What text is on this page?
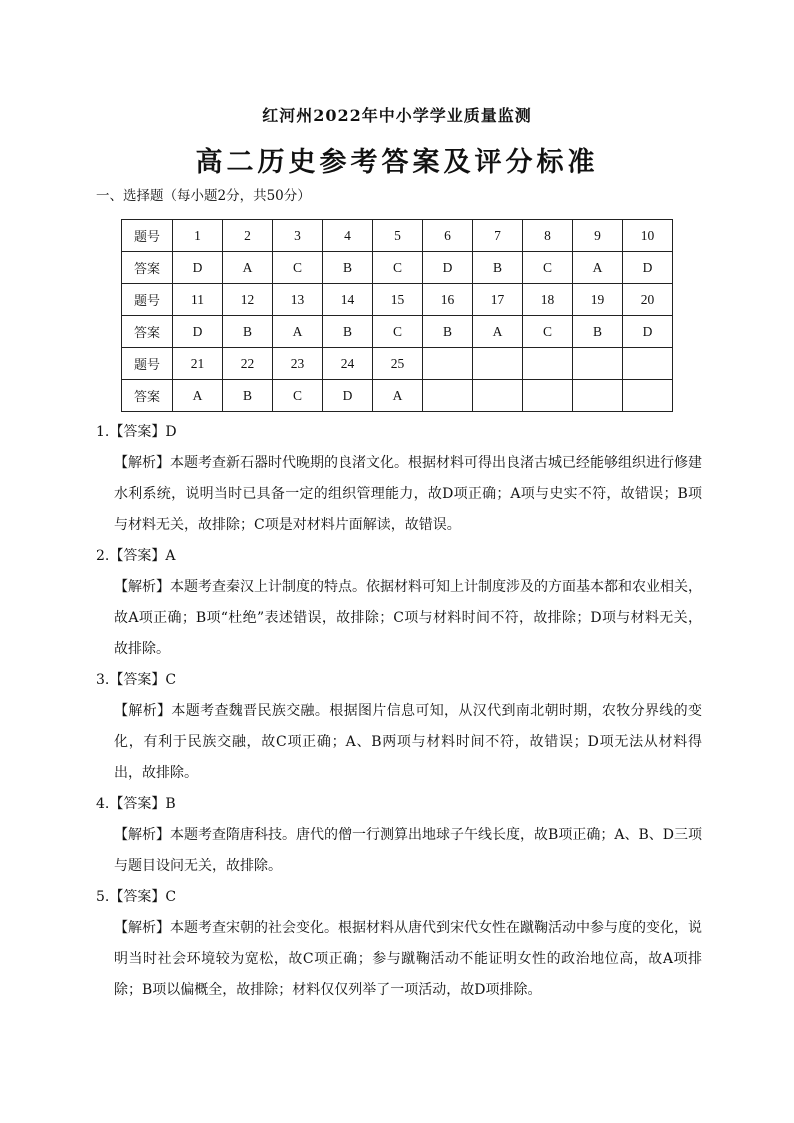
红河州2022年中小学学业质量监测
高二历史参考答案及评分标准
一、选择题（每小题2分，共50分）
题号	1	2	3	4	5	6	7	8	9	10
答案	D	A	C	B	C	D	B	C	A	D
题号	11	12	13	14	15	16	17	18	19	20
答案	D	B	A	B	C	B	A	C	B	D
题号	21	22	23	24	25					
答案	A	B	C	D	A					
1.【答案】D
【解析】本题考查新石器时代晚期的良渚文化。根据材料可得出良渚古城已经能够组织进行修建水利系统，说明当时已具备一定的组织管理能力，故D项正确；A项与史实不符，故错误；B项与材料无关，故排除；C项是对材料片面解读，故错误。
2.【答案】A
【解析】本题考查秦汉上计制度的特点。依据材料可知上计制度涉及的方面基本都和农业相关，故A项正确；B项“杜绝”表述错误，故排除；C项与材料时间不符，故排除；D项与材料无关，故排除。
3.【答案】C
【解析】本题考查魏晋民族交融。根据图片信息可知，从汉代到南北朝时期，农牧分界线的变化，有利于民族交融，故C项正确；A、B两项与材料时间不符，故错误；D项无法从材料得出，故排除。
4.【答案】B
【解析】本题考查隋唐科技。唐代的僧一行测算出地球子午线长度，故B项正确；A、B、D三项与题目设问无关，故排除。
5.【答案】C
【解析】本题考查宋朝的社会变化。根据材料从唐代到宋代女性在蹴鞠活动中参与度的变化，说明当时社会环境较为宽松，故C项正确；参与蹴鞠活动不能证明女性的政治地位高，故A项排除；B项以偏概全，故排除；材料仅仅列举了一项活动，故D项排除。
